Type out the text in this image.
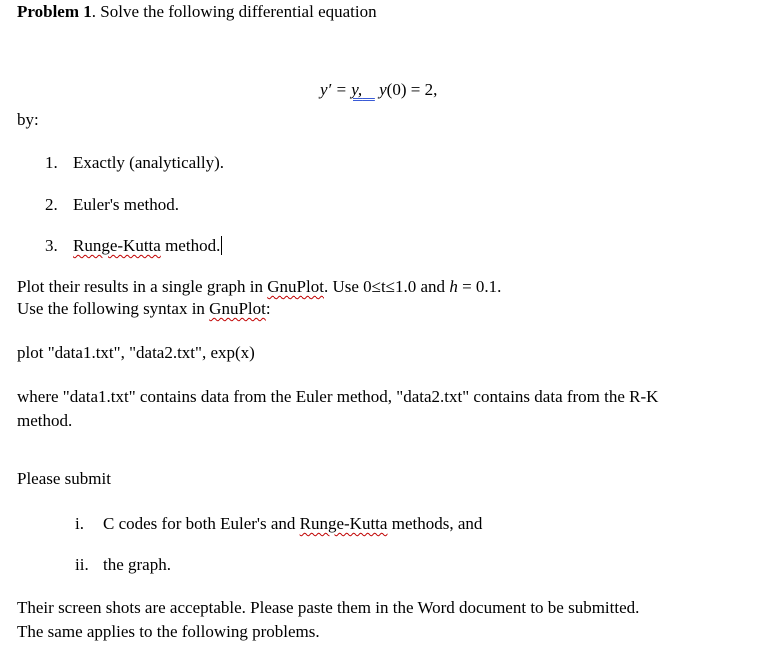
Problem 1. Solve the following differential equation
y′ = y, y(0) = 2,
by:
1. Exactly (analytically).
2. Euler's method.
3. Runge-Kutta method.
Plot their results in a single graph in GnuPlot. Use 0≤t≤1.0 and h = 0.1.
Use the following syntax in GnuPlot:
plot "data1.txt", "data2.txt", exp(x)
where "data1.txt" contains data from the Euler method, "data2.txt" contains data from the R-K
method.
Please submit
i. C codes for both Euler's and Runge-Kutta methods, and
ii. the graph.
Their screen shots are acceptable. Please paste them in the Word document to be submitted.
The same applies to the following problems.
